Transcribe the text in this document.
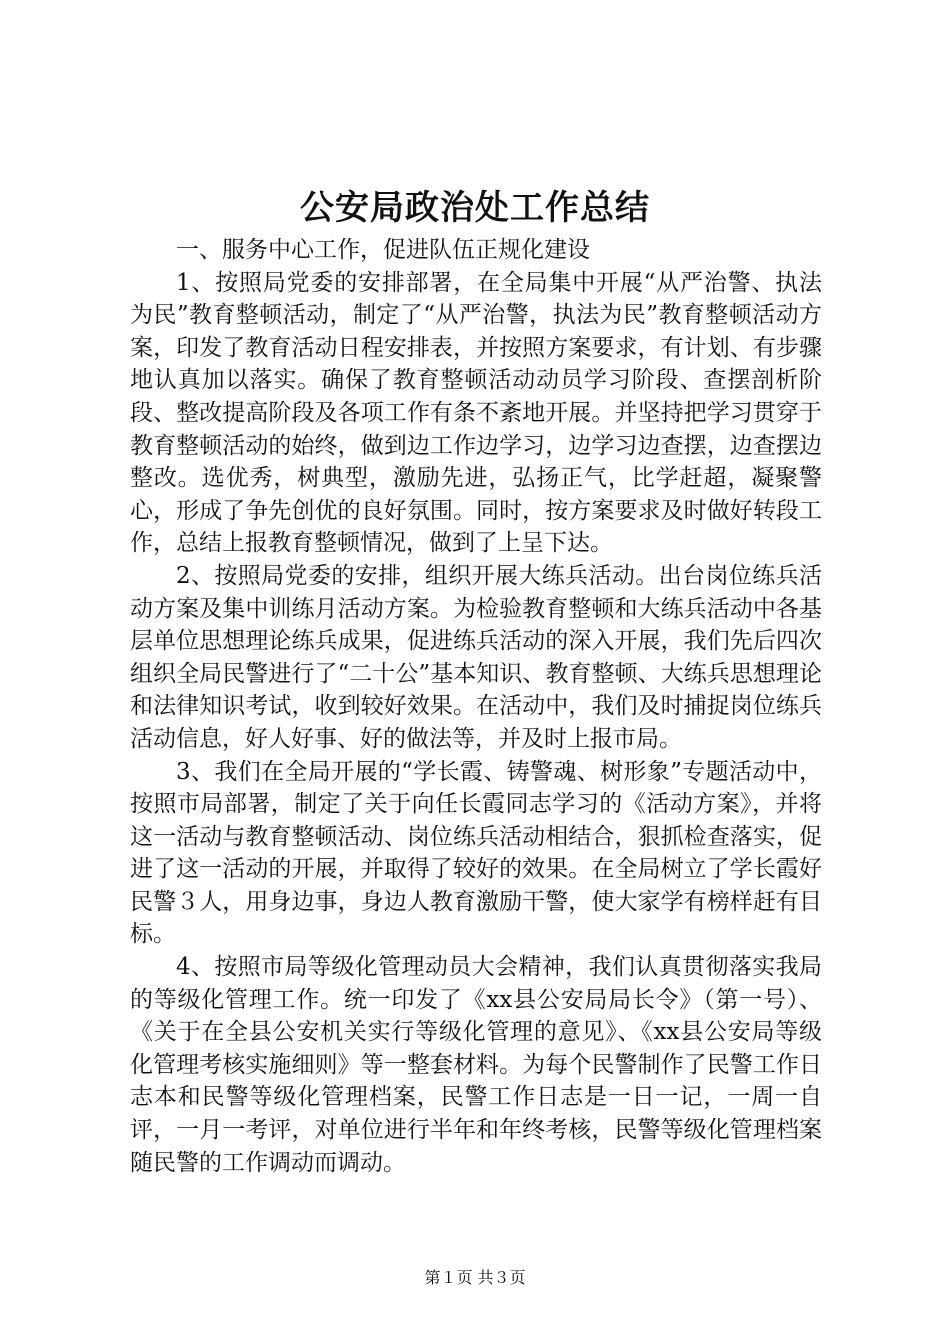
公安局政治处工作总结

一、服务中心工作，促进队伍正规化建设

1、按照局党委的安排部署，在全局集中开展“从严治警、执法为民”教育整顿活动，制定了“从严治警，执法为民”教育整顿活动方案，印发了教育活动日程安排表，并按照方案要求，有计划、有步骤地认真加以落实。确保了教育整顿活动动员学习阶段、查摆剖析阶段、整改提高阶段及各项工作有条不紊地开展。并坚持把学习贯穿于教育整顿活动的始终，做到边工作边学习，边学习边查摆，边查摆边整改。选优秀，树典型，激励先进，弘扬正气，比学赶超，凝聚警心，形成了争先创优的良好氛围。同时，按方案要求及时做好转段工作，总结上报教育整顿情况，做到了上呈下达。

2、按照局党委的安排，组织开展大练兵活动。出台岗位练兵活动方案及集中训练月活动方案。为检验教育整顿和大练兵活动中各基层单位思想理论练兵成果，促进练兵活动的深入开展，我们先后四次组织全局民警进行了“二十公”基本知识、教育整顿、大练兵思想理论和法律知识考试，收到较好效果。在活动中，我们及时捕捉岗位练兵活动信息，好人好事、好的做法等，并及时上报市局。

3、我们在全局开展的“学长霞、铸警魂、树形象”专题活动中，按照市局部署，制定了关于向任长霞同志学习的《活动方案》，并将这一活动与教育整顿活动、岗位练兵活动相结合，狠抓检查落实，促进了这一活动的开展，并取得了较好的效果。在全局树立了学长霞好民警３人，用身边事，身边人教育激励干警，使大家学有榜样赶有目标。

4、按照市局等级化管理动员大会精神，我们认真贯彻落实我局的等级化管理工作。统一印发了《xx县公安局局长令》（第一号）、《关于在全县公安机关实行等级化管理的意见》、《xx县公安局等级化管理考核实施细则》等一整套材料。为每个民警制作了民警工作日志本和民警等级化管理档案，民警工作日志是一日一记，一周一自评，一月一考评，对单位进行半年和年终考核，民警等级化管理档案随民警的工作调动而调动。

第１页 共３页
